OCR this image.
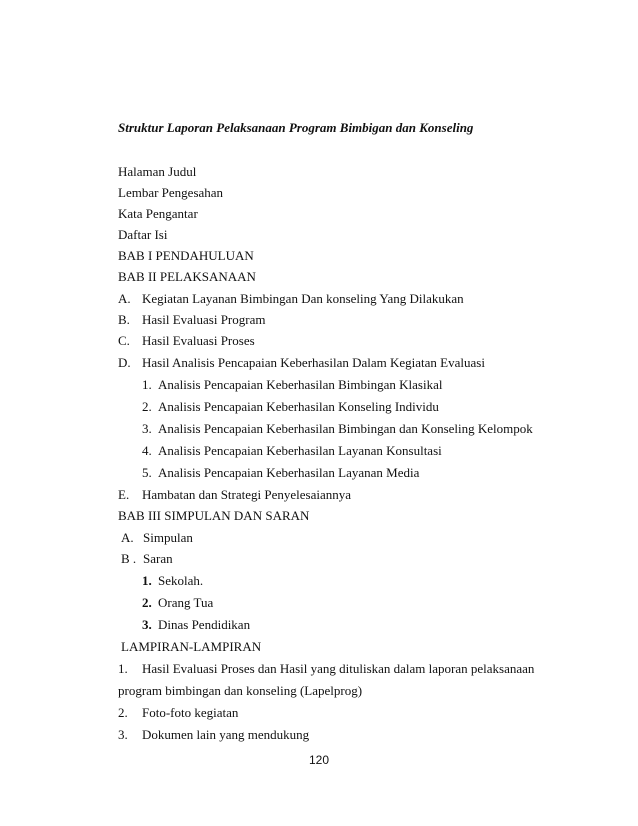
Struktur Laporan Pelaksanaan Program Bimbigan dan Konseling
Halaman Judul
Lembar Pengesahan
Kata Pengantar
Daftar Isi
BAB I PENDAHULUAN
BAB II PELAKSANAAN
A. Kegiatan Layanan Bimbingan Dan konseling Yang Dilakukan
B. Hasil Evaluasi Program
C. Hasil Evaluasi Proses
D. Hasil Analisis Pencapaian Keberhasilan Dalam Kegiatan Evaluasi
1. Analisis Pencapaian Keberhasilan Bimbingan Klasikal
2. Analisis Pencapaian Keberhasilan Konseling Individu
3. Analisis Pencapaian Keberhasilan Bimbingan dan Konseling Kelompok
4. Analisis Pencapaian Keberhasilan Layanan Konsultasi
5. Analisis Pencapaian Keberhasilan Layanan Media
E. Hambatan dan Strategi Penyelesaiannya
BAB III SIMPULAN DAN SARAN
A. Simpulan
B . Saran
1. Sekolah.
2. Orang Tua
3. Dinas Pendidikan
LAMPIRAN-LAMPIRAN
1. Hasil Evaluasi Proses dan Hasil yang dituliskan dalam laporan pelaksanaan
program bimbingan dan konseling (Lapelprog)
2. Foto-foto kegiatan
3. Dokumen lain yang mendukung
120
